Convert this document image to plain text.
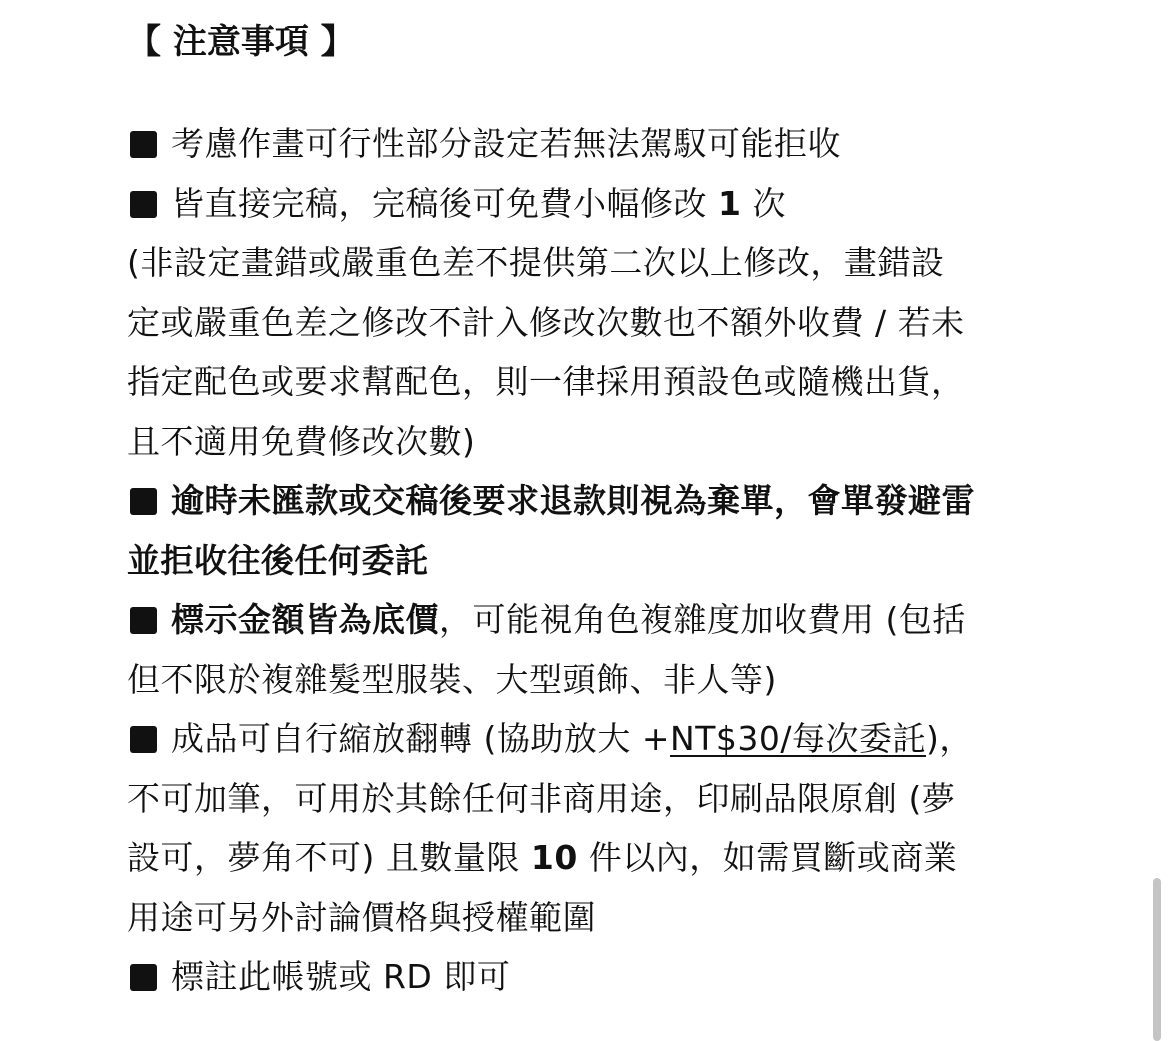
【 注意事項 】
考慮作畫可行性部分設定若無法駕馭可能拒收
皆直接完稿，完稿後可免費小幅修改 1 次
(非設定畫錯或嚴重色差不提供第二次以上修改，畫錯設
定或嚴重色差之修改不計入修改次數也不額外收費 / 若未
指定配色或要求幫配色，則一律採用預設色或隨機出貨，
且不適用免費修改次數)
逾時未匯款或交稿後要求退款則視為棄單，會單發避雷
並拒收往後任何委託
標示金額皆為底價，可能視角色複雜度加收費用 (包括
但不限於複雜髮型服裝、大型頭飾、非人等)
成品可自行縮放翻轉 (協助放大 +NT$30/每次委託)，
不可加筆，可用於其餘任何非商用途，印刷品限原創 (夢
設可，夢角不可) 且數量限 10 件以內，如需買斷或商業
用途可另外討論價格與授權範圍
標註此帳號或 RD 即可
